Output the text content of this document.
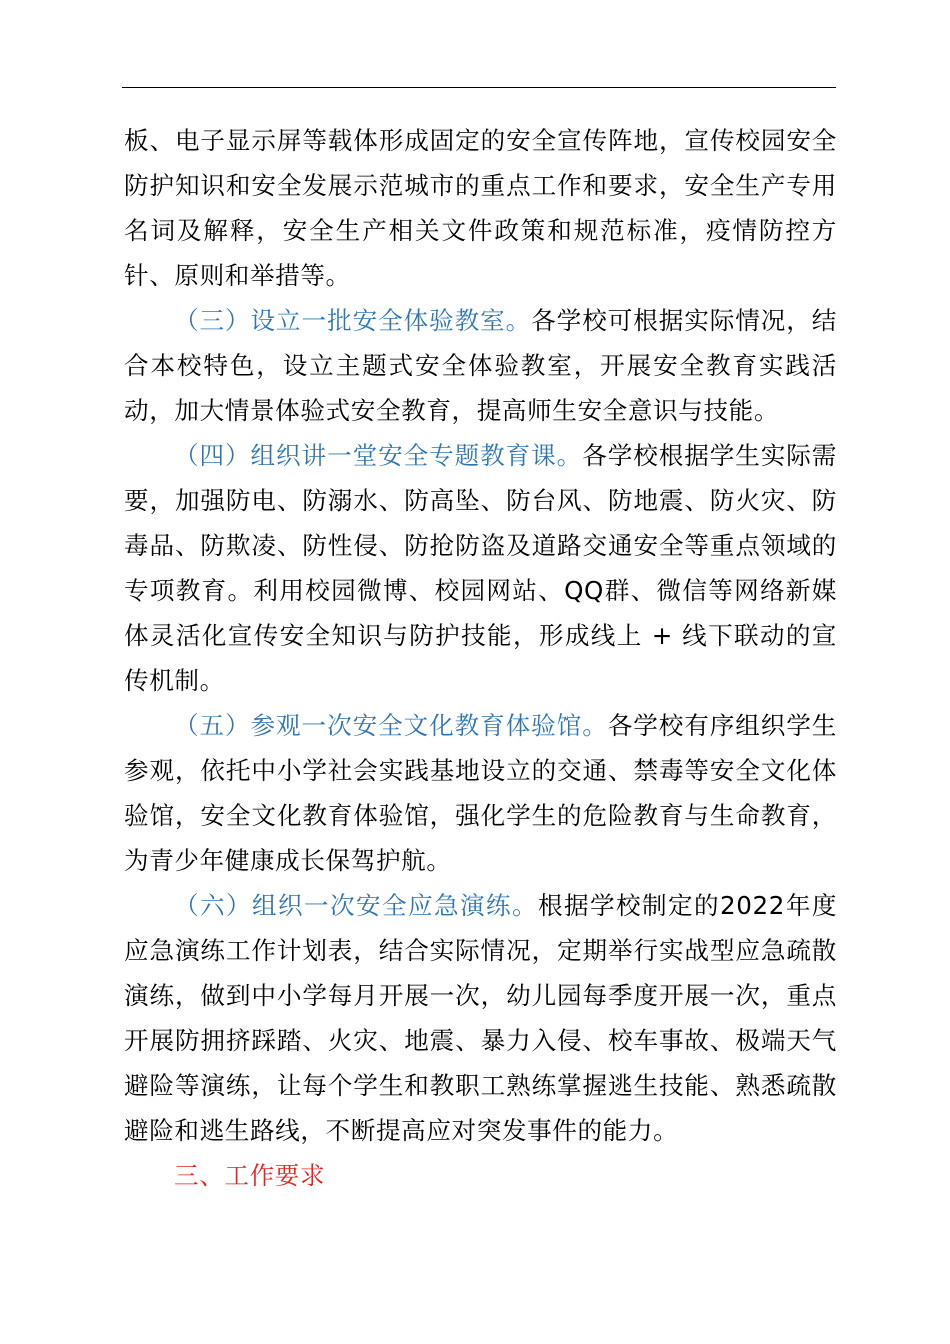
板、电子显示屏等载体形成固定的安全宣传阵地，宣传校园安全防护知识和安全发展示范城市的重点工作和要求，安全生产专用名词及解释，安全生产相关文件政策和规范标准，疫情防控方针、原则和举措等。

（三）设立一批安全体验教室。各学校可根据实际情况，结合本校特色，设立主题式安全体验教室，开展安全教育实践活动，加大情景体验式安全教育，提高师生安全意识与技能。

（四）组织讲一堂安全专题教育课。各学校根据学生实际需要，加强防电、防溺水、防高坠、防台风、防地震、防火灾、防毒品、防欺凌、防性侵、防抢防盗及道路交通安全等重点领域的专项教育。利用校园微博、校园网站、QQ群、微信等网络新媒体灵活化宣传安全知识与防护技能，形成线上 + 线下联动的宣传机制。

（五）参观一次安全文化教育体验馆。各学校有序组织学生参观，依托中小学社会实践基地设立的交通、禁毒等安全文化体验馆，安全文化教育体验馆，强化学生的危险教育与生命教育，为青少年健康成长保驾护航。

（六）组织一次安全应急演练。根据学校制定的2022年度应急演练工作计划表，结合实际情况，定期举行实战型应急疏散演练，做到中小学每月开展一次，幼儿园每季度开展一次，重点开展防拥挤踩踏、火灾、地震、暴力入侵、校车事故、极端天气避险等演练，让每个学生和教职工熟练掌握逃生技能、熟悉疏散避险和逃生路线，不断提高应对突发事件的能力。

三、工作要求
